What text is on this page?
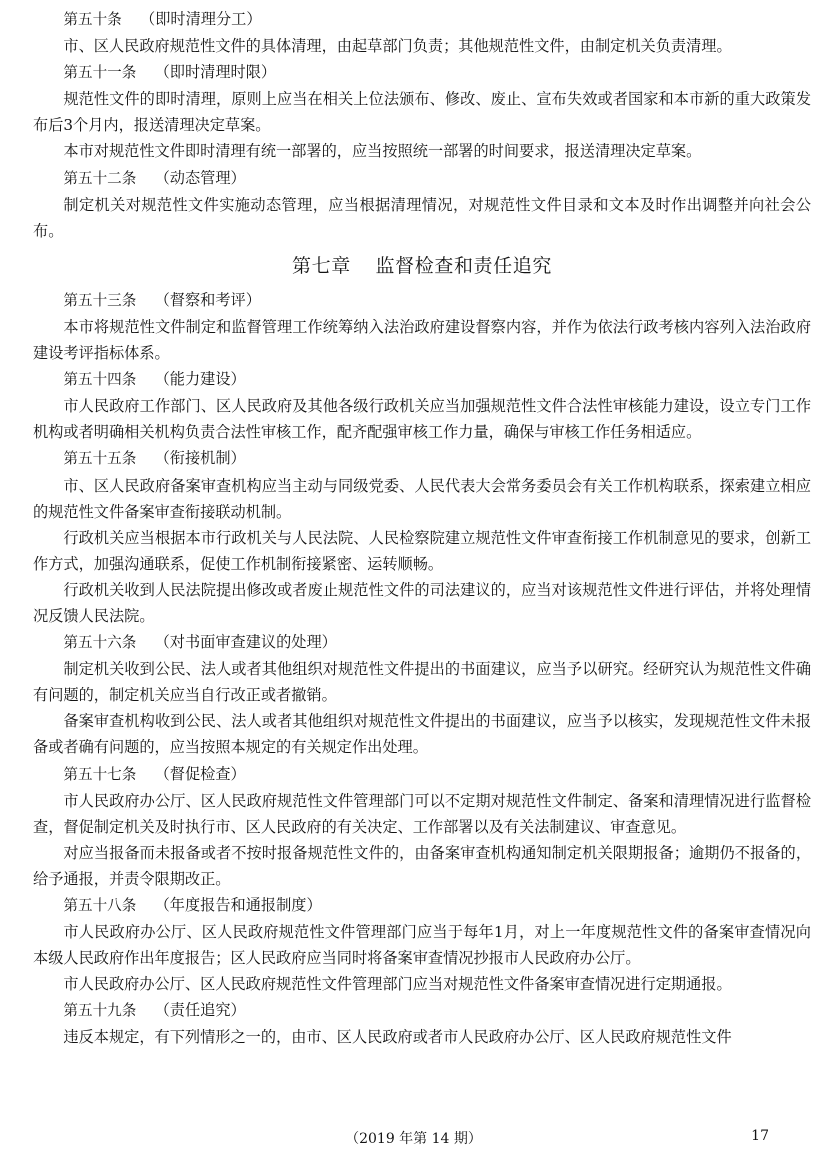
第五十条 （即时清理分工）

市、区人民政府规范性文件的具体清理，由起草部门负责；其他规范性文件，由制定机关负责清理。

第五十一条 （即时清理时限）

规范性文件的即时清理，原则上应当在相关上位法颁布、修改、废止、宣布失效或者国家和本市新的重大政策发布后3个月内，报送清理决定草案。

本市对规范性文件即时清理有统一部署的，应当按照统一部署的时间要求，报送清理决定草案。

第五十二条 （动态管理）

制定机关对规范性文件实施动态管理，应当根据清理情况，对规范性文件目录和文本及时作出调整并向社会公布。

第七章 监督检查和责任追究
第五十三条 （督察和考评）

本市将规范性文件制定和监督管理工作统筹纳入法治政府建设督察内容，并作为依法行政考核内容列入法治政府建设考评指标体系。

第五十四条 （能力建设）

市人民政府工作部门、区人民政府及其他各级行政机关应当加强规范性文件合法性审核能力建设，设立专门工作机构或者明确相关机构负责合法性审核工作，配齐配强审核工作力量，确保与审核工作任务相适应。

第五十五条 （衔接机制）

市、区人民政府备案审查机构应当主动与同级党委、人民代表大会常务委员会有关工作机构联系，探索建立相应的规范性文件备案审查衔接联动机制。

行政机关应当根据本市行政机关与人民法院、人民检察院建立规范性文件审查衔接工作机制意见的要求，创新工作方式，加强沟通联系，促使工作机制衔接紧密、运转顺畅。

行政机关收到人民法院提出修改或者废止规范性文件的司法建议的，应当对该规范性文件进行评估，并将处理情况反馈人民法院。

第五十六条 （对书面审查建议的处理）

制定机关收到公民、法人或者其他组织对规范性文件提出的书面建议，应当予以研究。经研究认为规范性文件确有问题的，制定机关应当自行改正或者撤销。

备案审查机构收到公民、法人或者其他组织对规范性文件提出的书面建议，应当予以核实，发现规范性文件未报备或者确有问题的，应当按照本规定的有关规定作出处理。

第五十七条 （督促检查）

市人民政府办公厅、区人民政府规范性文件管理部门可以不定期对规范性文件制定、备案和清理情况进行监督检查，督促制定机关及时执行市、区人民政府的有关决定、工作部署以及有关法制建议、审查意见。

对应当报备而未报备或者不按时报备规范性文件的，由备案审查机构通知制定机关限期报备；逾期仍不报备的，给予通报，并责令限期改正。

第五十八条 （年度报告和通报制度）

市人民政府办公厅、区人民政府规范性文件管理部门应当于每年1月，对上一年度规范性文件的备案审查情况向本级人民政府作出年度报告；区人民政府应当同时将备案审查情况抄报市人民政府办公厅。

市人民政府办公厅、区人民政府规范性文件管理部门应当对规范性文件备案审查情况进行定期通报。

第五十九条 （责任追究）

违反本规定，有下列情形之一的，由市、区人民政府或者市人民政府办公厅、区人民政府规范性文件

（2019 年第 14 期）	17
